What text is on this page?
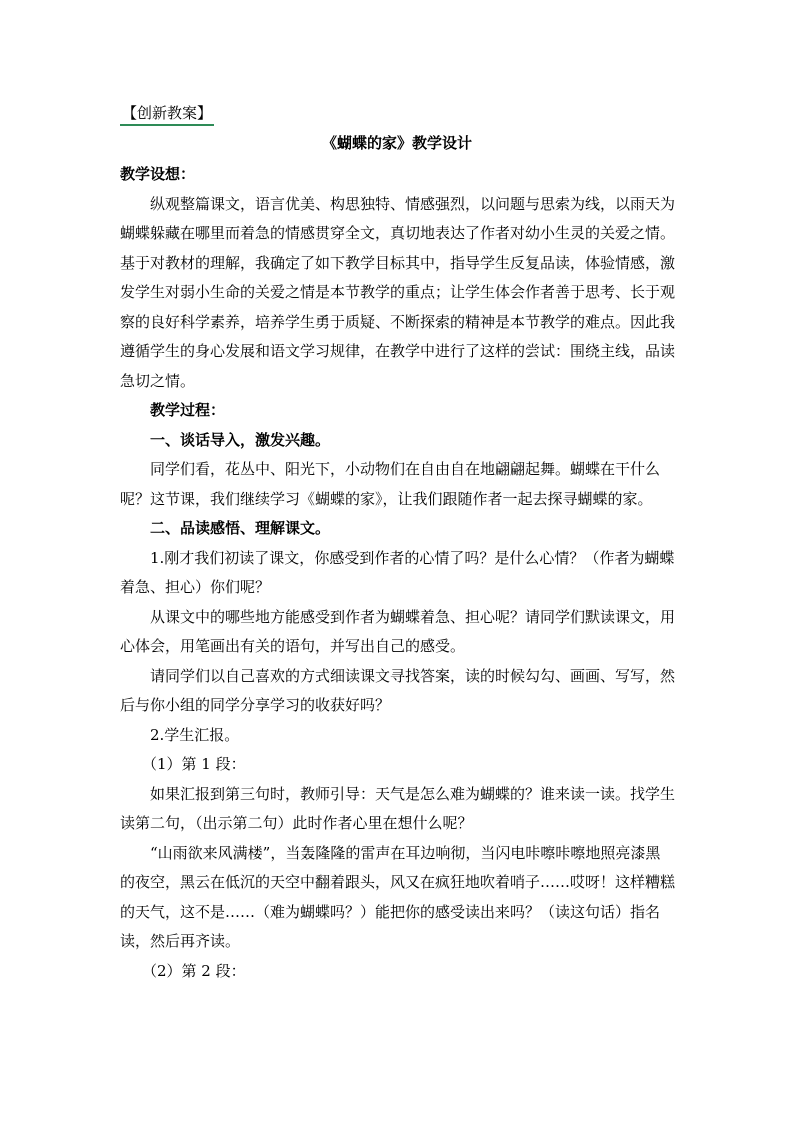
【创新教案】
《蝴蝶的家》教学设计

教学设想：

纵观整篇课文，语言优美、构思独特、情感强烈，以问题与思索为线，以雨天为蝴蝶躲藏在哪里而着急的情感贯穿全文，真切地表达了作者对幼小生灵的关爱之情。 基于对教材的理解，我确定了如下教学目标其中，指导学生反复品读，体验情感，激发学生对弱小生命的关爱之情是本节教学的重点；让学生体会作者善于思考、长于观察的良好科学素养，培养学生勇于质疑、不断探索的精神是本节教学的难点。因此我遵循学生的身心发展和语文学习规律，在教学中进行了这样的尝试：围绕主线，品读急切之情。

教学过程：

一、谈话导入，激发兴趣。

同学们看，花丛中、阳光下，小动物们在自由自在地翩翩起舞。蝴蝶在干什么呢？这节课，我们继续学习《蝴蝶的家》，让我们跟随作者一起去探寻蝴蝶的家。

二、品读感悟、理解课文。

1.刚才我们初读了课文，你感受到作者的心情了吗？是什么心情？（作者为蝴蝶着急、担心）你们呢？

从课文中的哪些地方能感受到作者为蝴蝶着急、担心呢？请同学们默读课文，用心体会，用笔画出有关的语句，并写出自己的感受。

请同学们以自己喜欢的方式细读课文寻找答案，读的时候勾勾、画画、写写，然后与你小组的同学分享学习的收获好吗？

2.学生汇报。

（1）第 1 段：

如果汇报到第三句时，教师引导：天气是怎么难为蝴蝶的？谁来读一读。找学生读第二句，（出示第二句）此时作者心里在想什么呢？

“山雨欲来风满楼”，当轰隆隆的雷声在耳边响彻，当闪电咔嚓咔嚓地照亮漆黑的夜空，黑云在低沉的天空中翻着跟头，风又在疯狂地吹着哨子……哎呀！这样糟糕的天气，这不是……（难为蝴蝶吗？）能把你的感受读出来吗？（读这句话）指名读，然后再齐读。

（2）第 2 段：
